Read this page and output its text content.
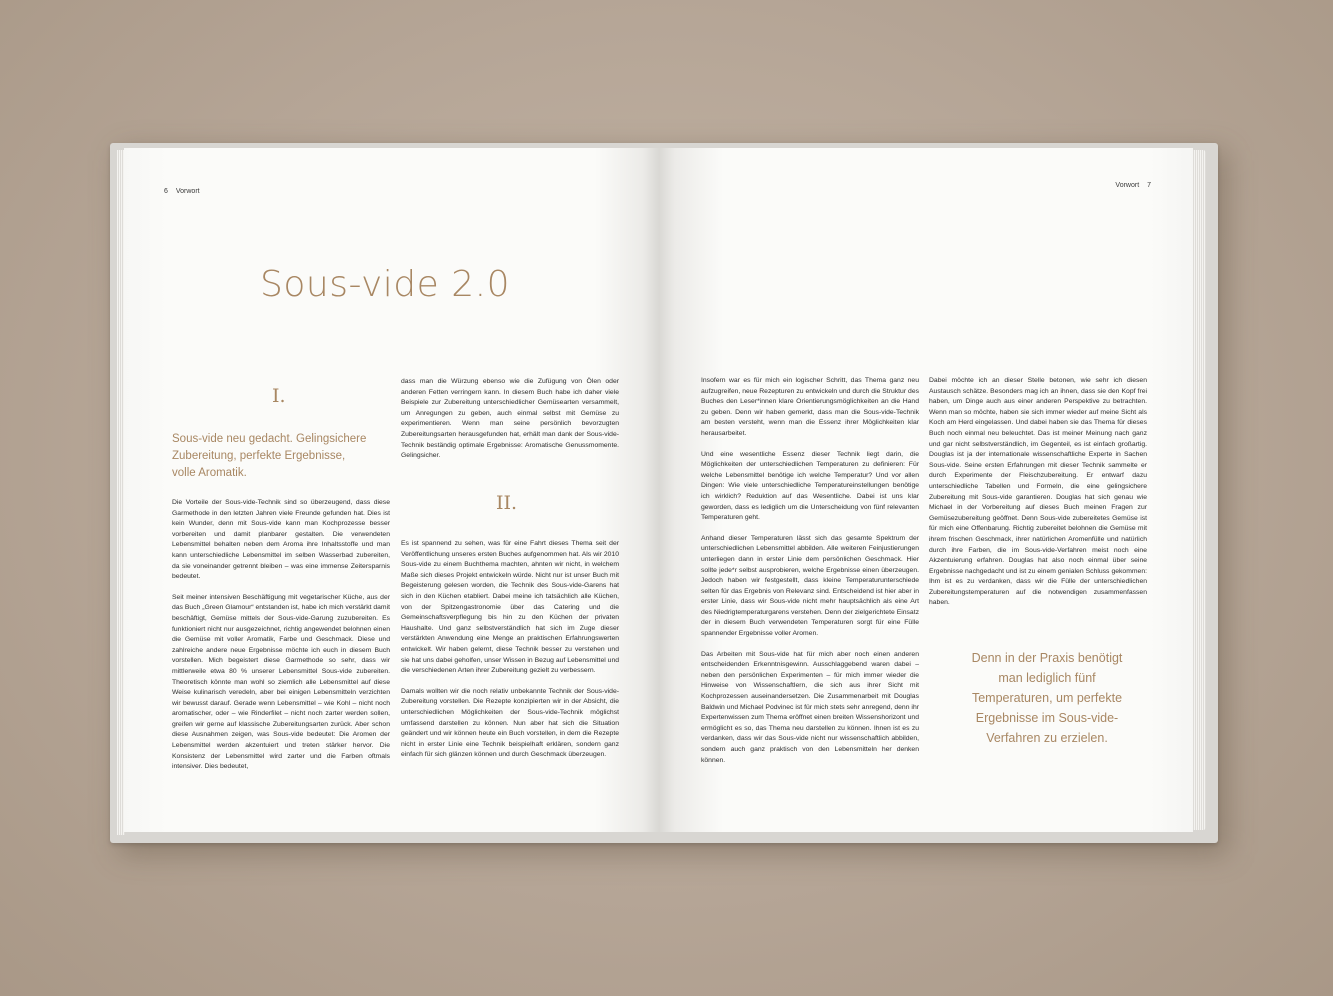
6 Vorwort
Sous-vide 2.0
I.
Sous-vide neu gedacht. Gelingsichere
Zubereitung, perfekte Ergebnisse,
volle Aromatik.

Die Vorteile der Sous-vide-Technik sind so überzeugend, dass diese Garmethode in den letzten Jahren viele Freunde gefunden hat. Dies ist kein Wunder, denn mit Sous-vide kann man Kochprozesse besser vorbereiten und damit planbarer gestalten. Die verwendeten Lebensmittel behalten neben dem Aroma ihre Inhaltsstoffe und man kann unterschiedliche Lebensmittel im selben Wasserbad zubereiten, da sie voneinander getrennt bleiben – was eine immense Zeitersparnis bedeutet.

Seit meiner intensiven Beschäftigung mit vegetarischer Küche, aus der das Buch „Green Glamour“ entstanden ist, habe ich mich verstärkt damit beschäftigt, Gemüse mittels der Sous-vide-Garung zuzubereiten. Es funktioniert nicht nur ausgezeichnet, richtig angewendet belohnen einen die Gemüse mit voller Aromatik, Farbe und Geschmack. Diese und zahlreiche andere neue Ergebnisse möchte ich euch in diesem Buch vorstellen. Mich begeistert diese Garmethode so sehr, dass wir mittlerweile etwa 80 % unserer Lebensmittel Sous-vide zubereiten. Theoretisch könnte man wohl so ziemlich alle Lebensmittel auf diese Weise kulinarisch veredeln, aber bei einigen Lebensmitteln verzichten wir bewusst darauf. Gerade wenn Lebensmittel – wie Kohl – nicht noch aromatischer, oder – wie Rinderfilet – nicht noch zarter werden sollen, greifen wir gerne auf klassische Zubereitungsarten zurück. Aber schon diese Ausnahmen zeigen, was Sous-vide bedeutet: Die Aromen der Lebensmittel werden akzentuiert und treten stärker hervor. Die Konsistenz der Lebensmittel wird zarter und die Farben oftmals intensiver. Dies bedeutet,

dass man die Würzung ebenso wie die Zufügung von Ölen oder anderen Fetten verringern kann. In diesem Buch habe ich daher viele Beispiele zur Zubereitung unterschiedlicher Gemüsearten versammelt, um Anregungen zu geben, auch einmal selbst mit Gemüse zu experimentieren. Wenn man seine persönlich bevorzugten Zubereitungsarten herausgefunden hat, erhält man dank der Sous-vide-Technik beständig optimale Ergebnisse: Aromatische Genussmomente. Gelingsicher.

II.

Es ist spannend zu sehen, was für eine Fahrt dieses Thema seit der Veröffentlichung unseres ersten Buches aufgenommen hat. Als wir 2010 Sous-vide zu einem Buchthema machten, ahnten wir nicht, in welchem Maße sich dieses Projekt entwickeln würde. Nicht nur ist unser Buch mit Begeisterung gelesen worden, die Technik des Sous-vide-Garens hat sich in den Küchen etabliert. Dabei meine ich tatsächlich alle Küchen, von der Spitzengastronomie über das Catering und die Gemeinschaftsverpflegung bis hin zu den Küchen der privaten Haushalte. Und ganz selbstverständlich hat sich im Zuge dieser verstärkten Anwendung eine Menge an praktischen Erfahrungswerten entwickelt. Wir haben gelernt, diese Technik besser zu verstehen und sie hat uns dabei geholfen, unser Wissen in Bezug auf Lebensmittel und die verschiedenen Arten ihrer Zubereitung gezielt zu verbessern.

Damals wollten wir die noch relativ unbekannte Technik der Sous-vide-Zubereitung vorstellen. Die Rezepte konzipierten wir in der Absicht, die unterschiedlichen Möglichkeiten der Sous-vide-Technik möglichst umfassend darstellen zu können. Nun aber hat sich die Situation geändert und wir können heute ein Buch vorstellen, in dem die Rezepte nicht in erster Linie eine Technik beispielhaft erklären, sondern ganz einfach für sich glänzen können und durch Geschmack überzeugen.

Vorwort 7

Insofern war es für mich ein logischer Schritt, das Thema ganz neu aufzugreifen, neue Rezepturen zu entwickeln und durch die Struktur des Buches den Leser*innen klare Orientierungsmöglichkeiten an die Hand zu geben. Denn wir haben gemerkt, dass man die Sous-vide-Technik am besten versteht, wenn man die Essenz ihrer Möglichkeiten klar herausarbeitet.

Und eine wesentliche Essenz dieser Technik liegt darin, die Möglichkeiten der unterschiedlichen Temperaturen zu definieren: Für welche Lebensmittel benötige ich welche Temperatur? Und vor allen Dingen: Wie viele unterschiedliche Temperatureinstellungen benötige ich wirklich? Reduktion auf das Wesentliche. Dabei ist uns klar geworden, dass es lediglich um die Unterscheidung von fünf relevanten Temperaturen geht.

Anhand dieser Temperaturen lässt sich das gesamte Spektrum der unterschiedlichen Lebensmittel abbilden. Alle weiteren Feinjustierungen unterliegen dann in erster Linie dem persönlichen Geschmack. Hier sollte jede*r selbst ausprobieren, welche Ergebnisse einen überzeugen. Jedoch haben wir festgestellt, dass kleine Temperaturunterschiede selten für das Ergebnis von Relevanz sind. Entscheidend ist hier aber in erster Linie, dass wir Sous-vide nicht mehr hauptsächlich als eine Art des Niedrigtemperaturgarens verstehen. Denn der zielgerichtete Einsatz der in diesem Buch verwendeten Temperaturen sorgt für eine Fülle spannender Ergebnisse voller Aromen.

Das Arbeiten mit Sous-vide hat für mich aber noch einen anderen entscheidenden Erkenntnisgewinn. Ausschlaggebend waren dabei – neben den persönlichen Experimenten – für mich immer wieder die Hinweise von Wissenschaftlern, die sich aus ihrer Sicht mit Kochprozessen auseinandersetzen. Die Zusammenarbeit mit Douglas Baldwin und Michael Podvinec ist für mich stets sehr anregend, denn ihr Expertenwissen zum Thema eröffnet einen breiten Wissenshorizont und ermöglicht es so, das Thema neu darstellen zu können. Ihnen ist es zu verdanken, dass wir das Sous-vide nicht nur wissenschaftlich abbilden, sondern auch ganz praktisch von den Lebensmitteln her denken können.

Dabei möchte ich an dieser Stelle betonen, wie sehr ich diesen Austausch schätze. Besonders mag ich an ihnen, dass sie den Kopf frei haben, um Dinge auch aus einer anderen Perspektive zu betrachten. Wenn man so möchte, haben sie sich immer wieder auf meine Sicht als Koch am Herd eingelassen. Und dabei haben sie das Thema für dieses Buch noch einmal neu beleuchtet. Das ist meiner Meinung nach ganz und gar nicht selbstverständlich, im Gegenteil, es ist einfach großartig. Douglas ist ja der internationale wissenschaftliche Experte in Sachen Sous-vide. Seine ersten Erfahrungen mit dieser Technik sammelte er durch Experimente der Fleischzubereitung. Er entwarf dazu unterschiedliche Tabellen und Formeln, die eine gelingsichere Zubereitung mit Sous-vide garantieren. Douglas hat sich genau wie Michael in der Vorbereitung auf dieses Buch meinen Fragen zur Gemüsezubereitung geöffnet. Denn Sous-vide zubereitetes Gemüse ist für mich eine Offenbarung. Richtig zubereitet belohnen die Gemüse mit ihrem frischen Geschmack, ihrer natürlichen Aromenfülle und natürlich durch ihre Farben, die im Sous-vide-Verfahren meist noch eine Akzentuierung erfahren. Douglas hat also noch einmal über seine Ergebnisse nachgedacht und ist zu einem genialen Schluss gekommen: Ihm ist es zu verdanken, dass wir die Fülle der unterschiedlichen Zubereitungstemperaturen auf die notwendigen zusammenfassen haben.

Denn in der Praxis benötigt
man lediglich fünf
Temperaturen, um perfekte
Ergebnisse im Sous-vide-
Verfahren zu erzielen.
